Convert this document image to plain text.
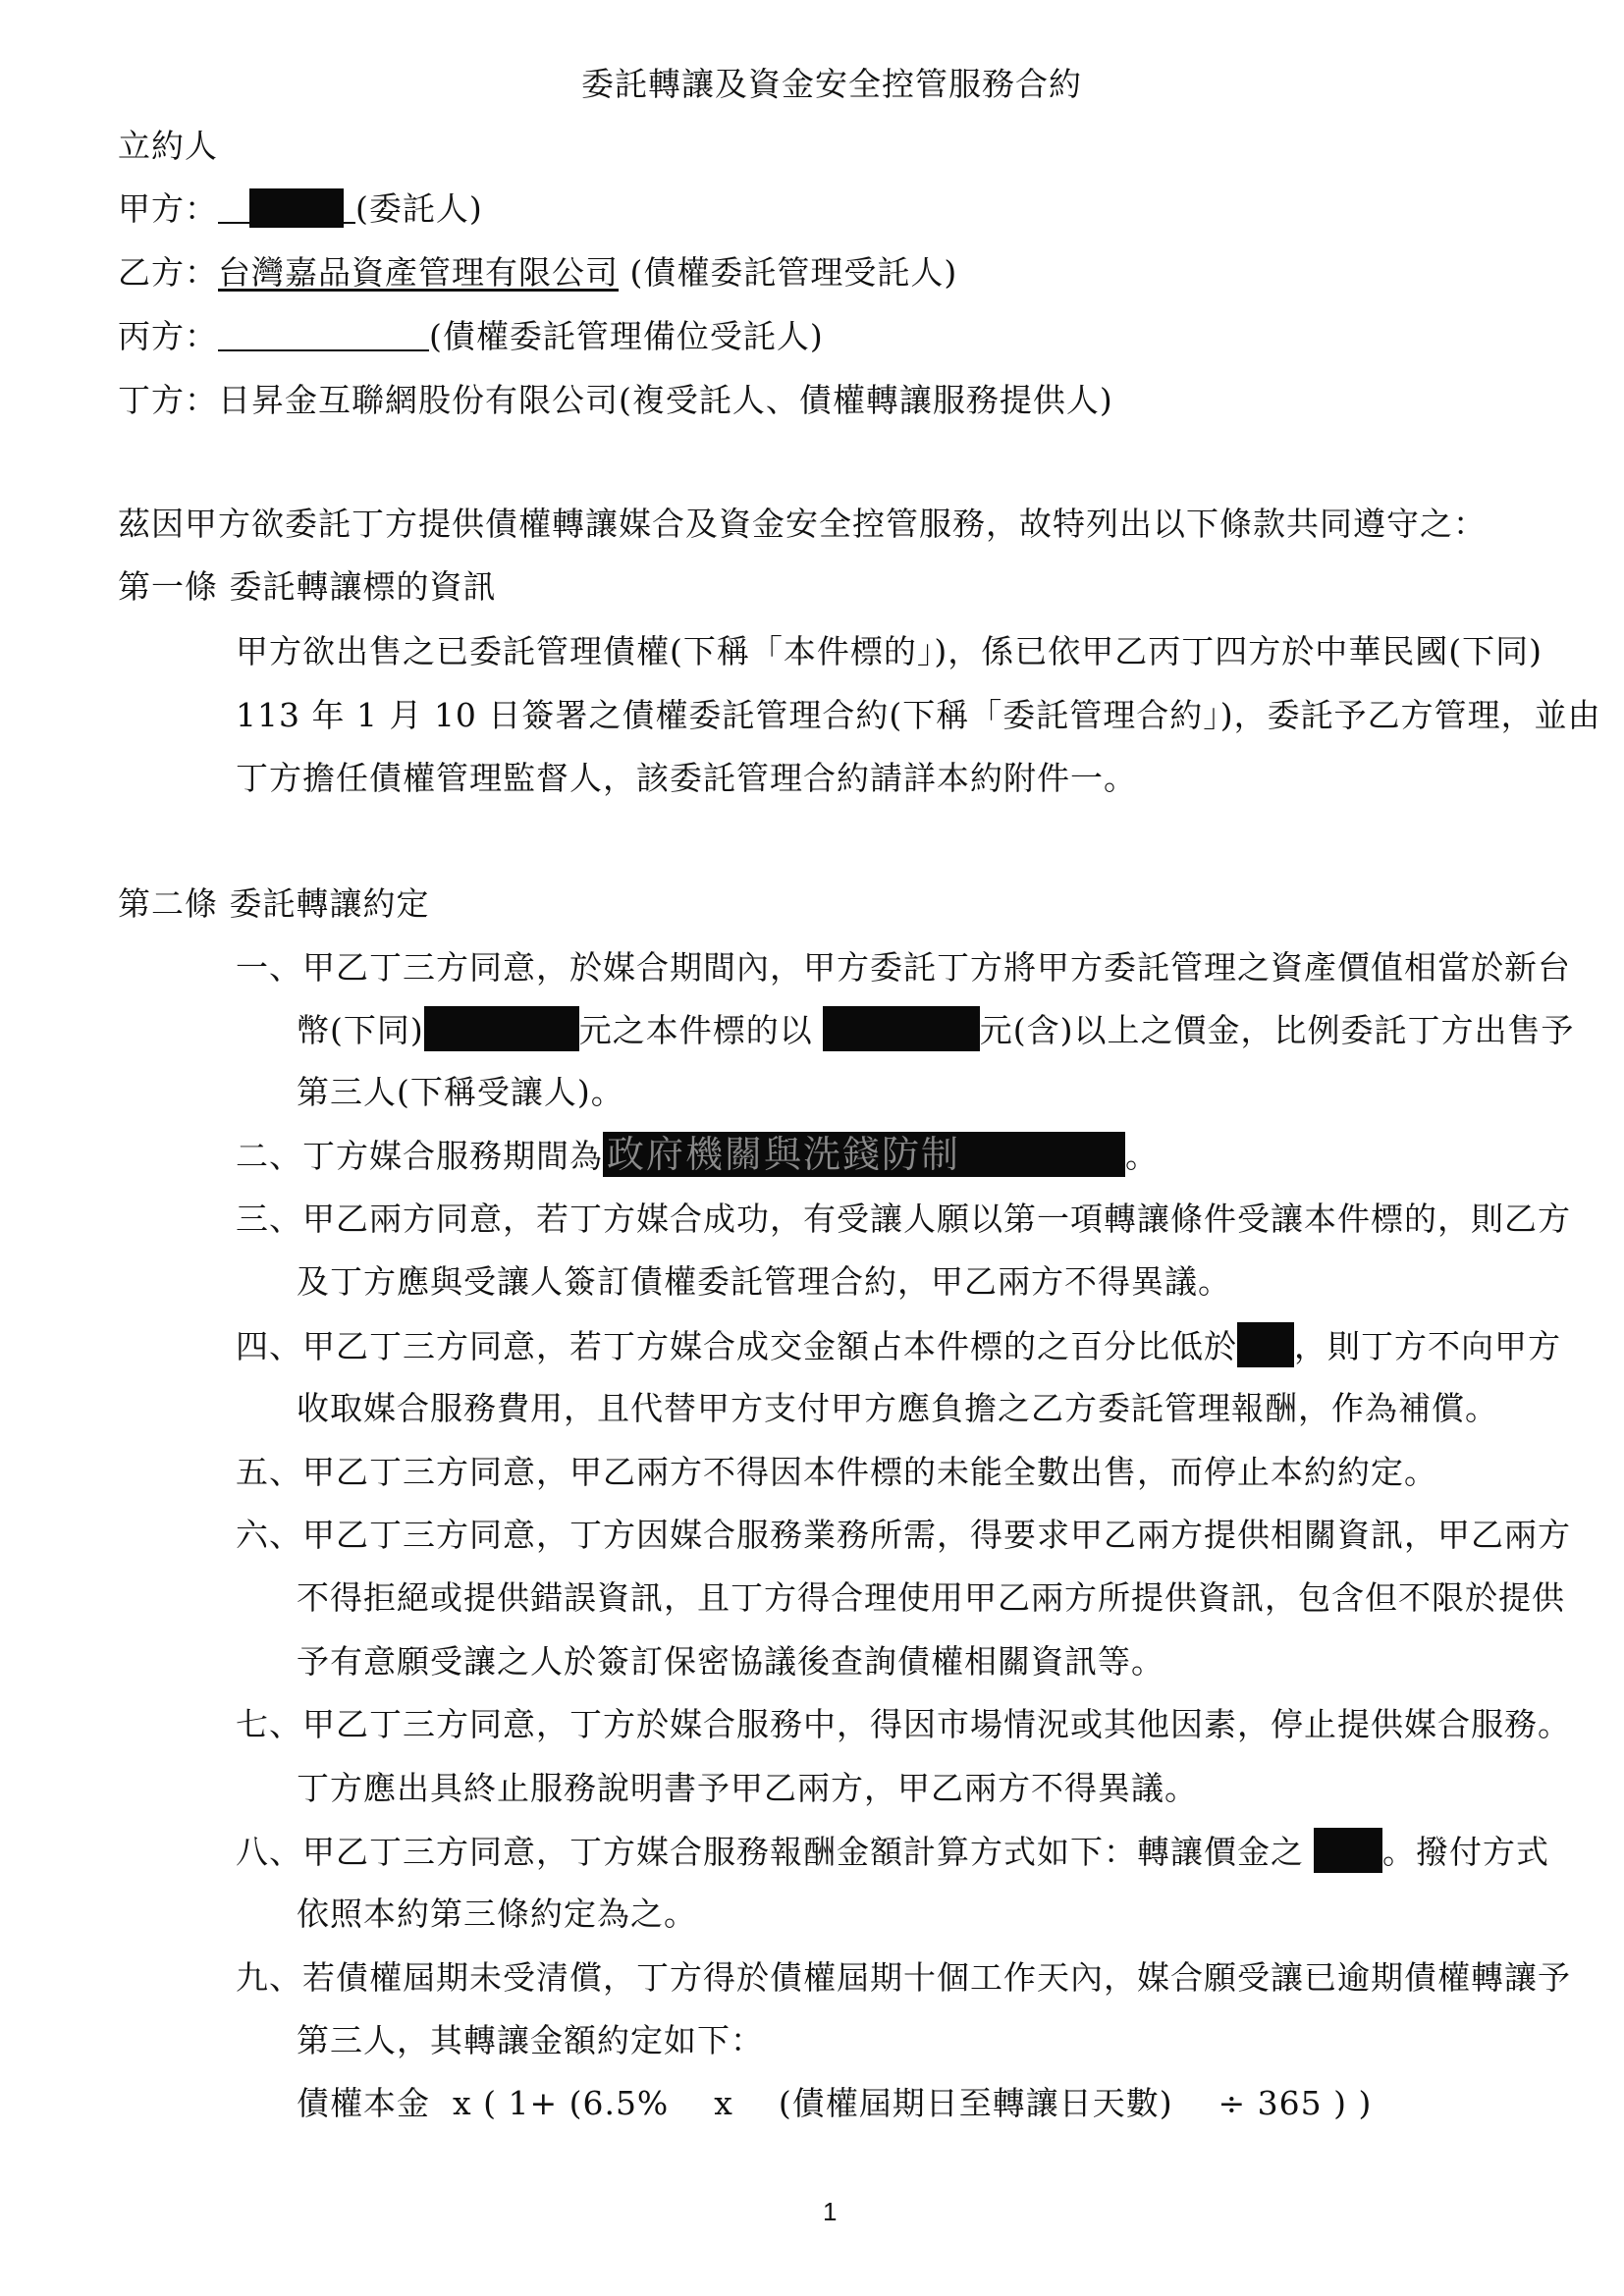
委託轉讓及資金安全控管服務合約
立約人
甲方：	(委託人)
乙方：台灣嘉品資產管理有限公司 (債權委託管理受託人)
丙方：	(債權委託管理備位受託人)
丁方：日昇金互聯網股份有限公司(複受託人、債權轉讓服務提供人)
茲因甲方欲委託丁方提供債權轉讓媒合及資金安全控管服務，故特列出以下條款共同遵守之：
第一條 委託轉讓標的資訊
甲方欲出售之已委託管理債權(下稱「本件標的」)，係已依甲乙丙丁四方於中華民國(下同)
113 年 1 月 10 日簽署之債權委託管理合約(下稱「委託管理合約」)，委託予乙方管理，並由
丁方擔任債權管理監督人，該委託管理合約請詳本約附件一。
第二條 委託轉讓約定
一、甲乙丁三方同意，於媒合期間內，甲方委託丁方將甲方委託管理之資產價值相當於新台
幣(下同)	元之本件標的以	元(含)以上之價金，比例委託丁方出售予
第三人(下稱受讓人)。
二、丁方媒合服務期間為 政府機關與洗錢防制	。
三、甲乙兩方同意，若丁方媒合成功，有受讓人願以第一項轉讓條件受讓本件標的，則乙方
及丁方應與受讓人簽訂債權委託管理合約，甲乙兩方不得異議。
四、甲乙丁三方同意，若丁方媒合成交金額占本件標的之百分比低於 ，則丁方不向甲方
收取媒合服務費用，且代替甲方支付甲方應負擔之乙方委託管理報酬，作為補償。
五、甲乙丁三方同意，甲乙兩方不得因本件標的未能全數出售，而停止本約約定。
六、甲乙丁三方同意，丁方因媒合服務業務所需，得要求甲乙兩方提供相關資訊，甲乙兩方
不得拒絕或提供錯誤資訊，且丁方得合理使用甲乙兩方所提供資訊，包含但不限於提供
予有意願受讓之人於簽訂保密協議後查詢債權相關資訊等。
七、甲乙丁三方同意，丁方於媒合服務中，得因市場情況或其他因素，停止提供媒合服務。
丁方應出具終止服務說明書予甲乙兩方，甲乙兩方不得異議。
八、甲乙丁三方同意，丁方媒合服務報酬金額計算方式如下：轉讓價金之 。撥付方式
依照本約第三條約定為之。
九、若債權屆期未受清償，丁方得於債權屆期十個工作天內，媒合願受讓已逾期債權轉讓予
第三人，其轉讓金額約定如下：
債權本金  x ( 1+ (6.5%    x    (債權屆期日至轉讓日天數)    ÷ 365 ) )
1
